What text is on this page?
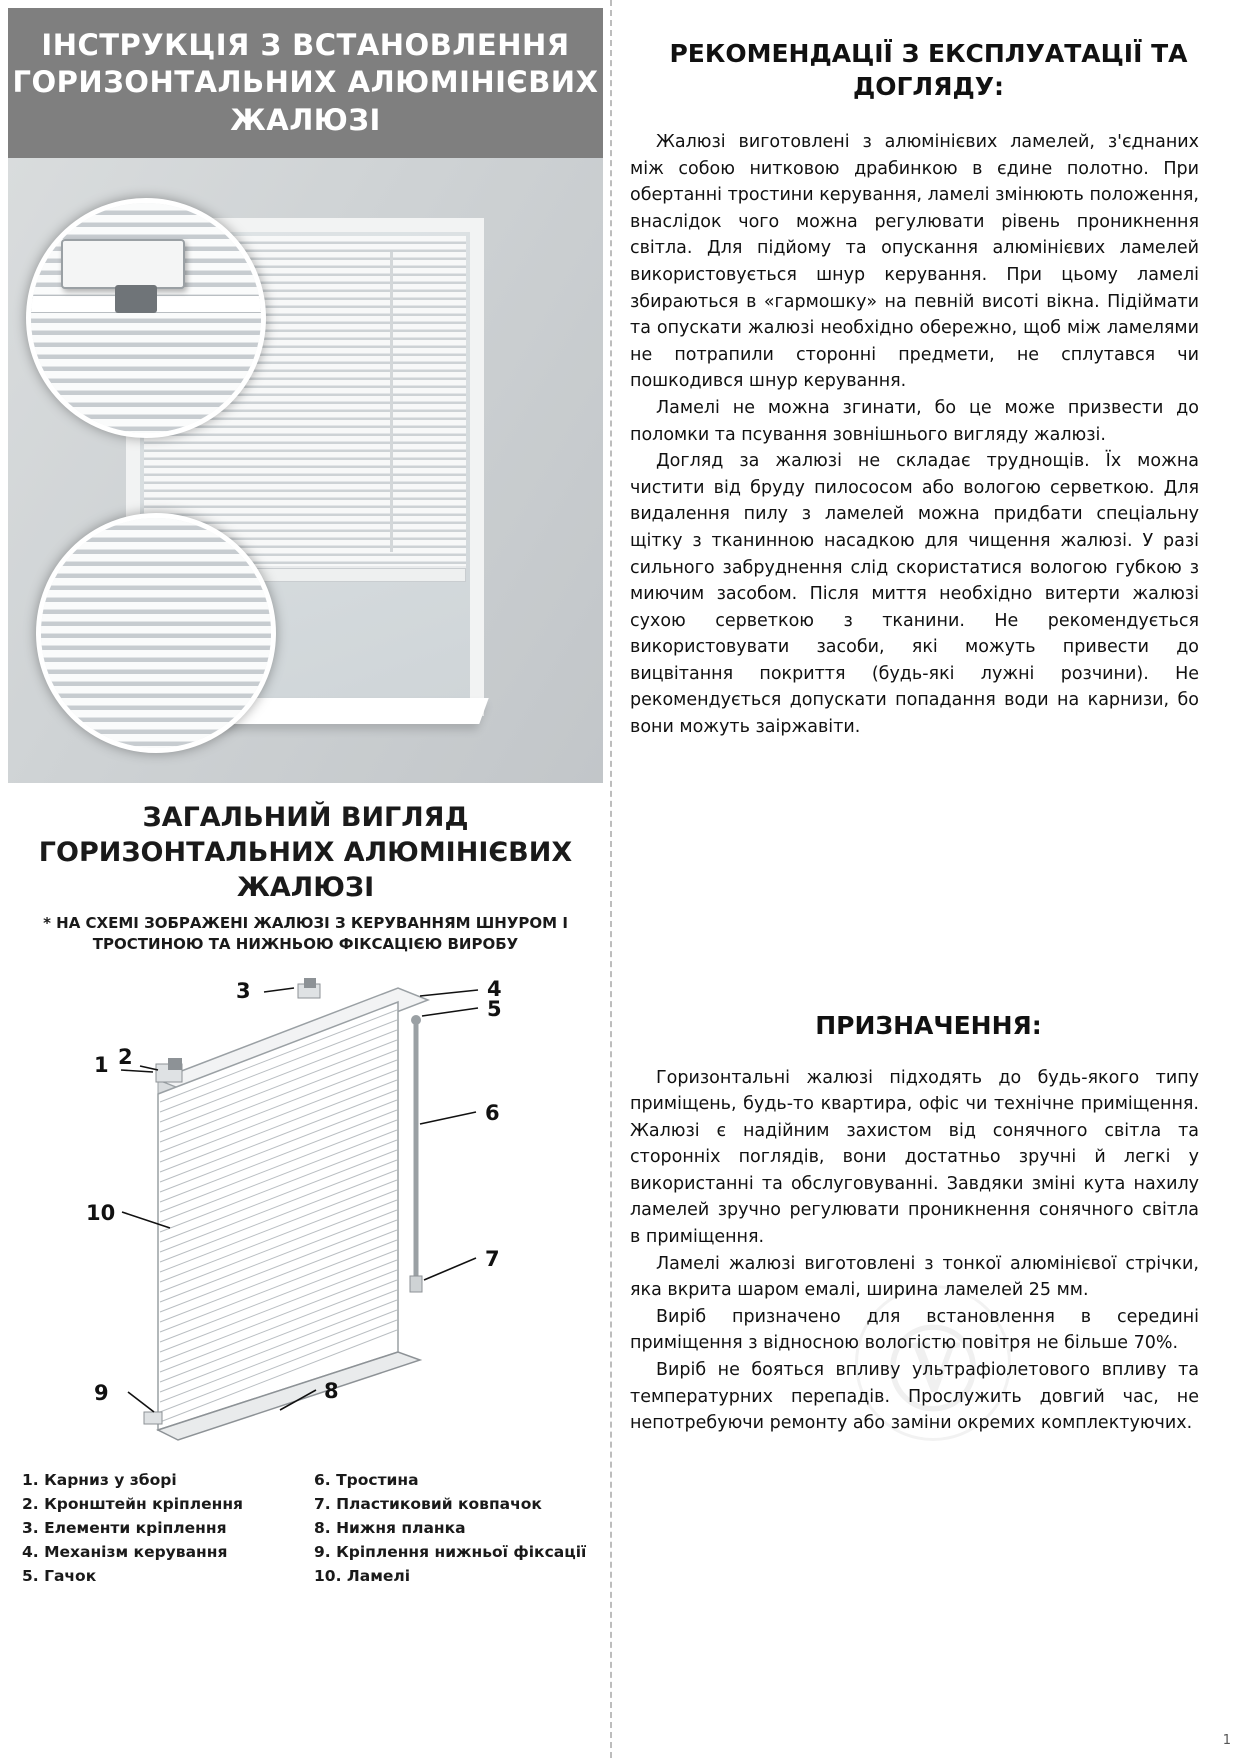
Ⓥ
ІНСТРУКЦІЯ З ВСТАНОВЛЕННЯ ГОРИЗОНТАЛЬНИХ АЛЮМІНІЄВИХ ЖАЛЮЗІ
ЗАГАЛЬНИЙ ВИГЛЯД ГОРИЗОНТАЛЬНИХ АЛЮМІНІЄВИХ ЖАЛЮЗІ
* НА СХЕМІ ЗОБРАЖЕНІ ЖАЛЮЗІ З КЕРУВАННЯМ ШНУРОМ І ТРОСТИНОЮ ТА НИЖНЬОЮ ФІКСАЦІЄЮ ВИРОБУ
3	4
5
1 2
6
7
10
9	8
1. Карниз у зборі
2. Кронштейн кріплення
3. Елементи кріплення
4. Механізм керування
5. Гачок
6. Тростина
7. Пластиковий ковпачок
8. Нижня планка
9. Кріплення нижньої фіксації
10. Ламелі
РЕКОМЕНДАЦІЇ З ЕКСПЛУАТАЦІЇ ТА ДОГЛЯДУ:

Жалюзі виготовлені з алюмінієвих ламелей, з'єднаних між собою нитковою драбинкою в єдине полотно. При обертанні тростини керування, ламелі змінюють положення, внаслідок чого можна регулювати рівень проникнення світла. Для підйому та опускання алюмінієвих ламелей використовується шнур керування. При цьому ламелі збираються в «гармошку» на певній висоті вікна. Підіймати та опускати жалюзі необхідно обережно, щоб між ламелями не потрапили сторонні предмети, не сплутався чи пошкодився шнур керування.

Ламелі не можна згинати, бо це може призвести до поломки та псування зовнішнього вигляду жалюзі.

Догляд за жалюзі не складає труднощів. Їх можна чистити від бруду пилососом або вологою серветкою. Для видалення пилу з ламелей можна придбати спеціальну щітку з тканинною насадкою для чищення жалюзі. У разі сильного забруднення слід скористатися вологою губкою з миючим засобом. Після миття необхідно витерти жалюзі сухою серветкою з тканини. Не рекомендується використовувати засоби, які можуть привести до вицвітання покриття (будь-які лужні розчини). Не рекомендується допускати попадання води на карнизи, бо вони можуть заіржавіти.

ПРИЗНАЧЕННЯ:

Горизонтальні жалюзі підходять до будь-якого типу приміщень, будь-то квартира, офіс чи технічне приміщення. Жалюзі є надійним захистом від сонячного світла та сторонніх поглядів, вони достатньо зручні й легкі у використанні та обслуговуванні. Завдяки зміні кута нахилу ламелей зручно регулювати проникнення сонячного світла в приміщення.

Ламелі жалюзі виготовлені з тонкої алюмінієвої стрічки, яка вкрита шаром емалі, ширина ламелей 25 мм.

Виріб призначено для встановлення в середині приміщення з відносною вологістю повітря не більше 70%.

Виріб не бояться впливу ультрафіолетового впливу та температурних перепадів. Прослужить довгий час, не непотребуючи ремонту або заміни окремих комплектуючих.

1
